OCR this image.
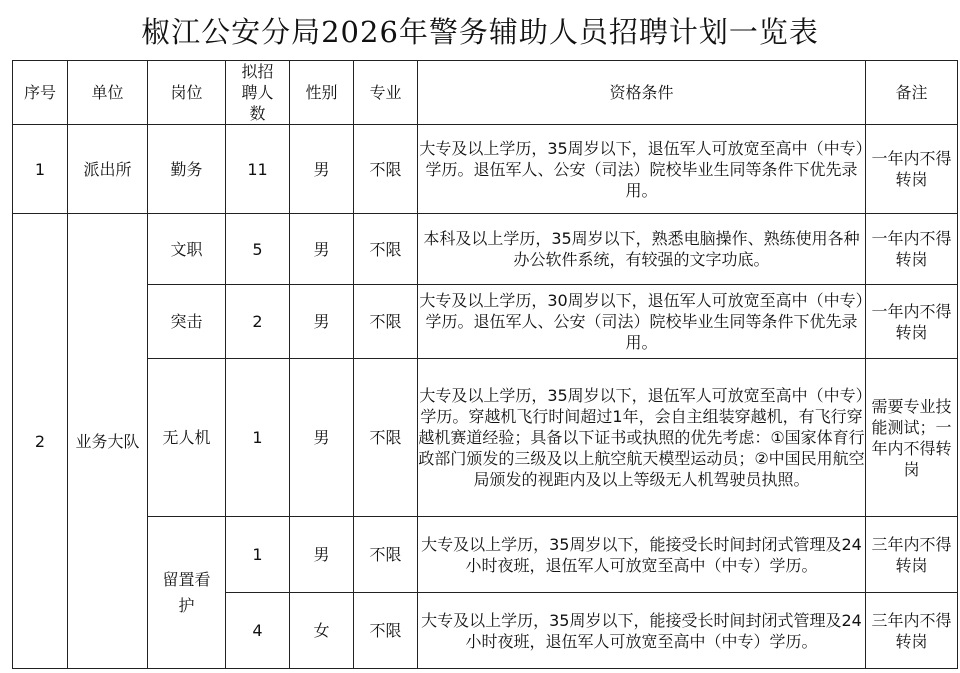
椒江公安分局2026年警务辅助人员招聘计划一览表
序号	单位	岗位	拟招聘人数	性别	专业	资格条件	备注
1	派出所	勤务	11	男	不限	大专及以上学历，35周岁以下，退伍军人可放宽至高中（中专）学历。退伍军人、公安（司法）院校毕业生同等条件下优先录用。	一年内不得转岗
2	业务大队	文职	5	男	不限	本科及以上学历，35周岁以下，熟悉电脑操作、熟练使用各种办公软件系统，有较强的文字功底。	一年内不得转岗
		突击	2	男	不限	大专及以上学历，30周岁以下，退伍军人可放宽至高中（中专）学历。退伍军人、公安（司法）院校毕业生同等条件下优先录用。	一年内不得转岗
		无人机	1	男	不限	大专及以上学历，35周岁以下，退伍军人可放宽至高中（中专）学历。穿越机飞行时间超过1年，会自主组装穿越机，有飞行穿越机赛道经验；具备以下证书或执照的优先考虑：①国家体育行政部门颁发的三级及以上航空航天模型运动员；②中国民用航空局颁发的视距内及以上等级无人机驾驶员执照。	需要专业技能测试；一年内不得转岗

		留置看护	1	男	不限	大专及以上学历，35周岁以下，能接受长时间封闭式管理及24小时夜班，退伍军人可放宽至高中（中专）学历。	三年内不得转岗
			4	女	不限	大专及以上学历，35周岁以下，能接受长时间封闭式管理及24小时夜班，退伍军人可放宽至高中（中专）学历。	三年内不得转岗
